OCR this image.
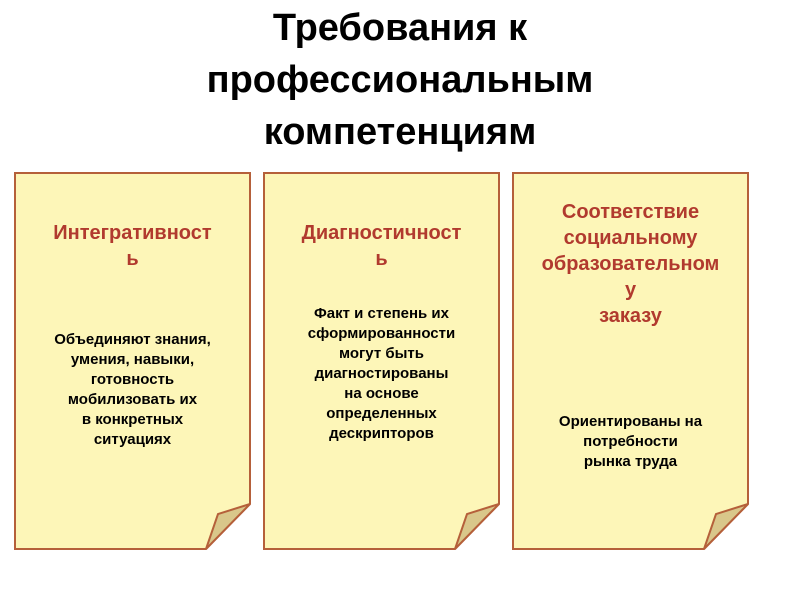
Требования к
профессиональным
компетенциям
Интегративност
ь
Объединяют знания,
умения, навыки,
готовность
мобилизовать их
в конкретных
ситуациях
Диагностичност
ь
Факт и степень их
сформированности
могут быть
диагностированы
на основе
определенных
дескрипторов
Соответствие
социальному
образовательном
у
заказу
Ориентированы на
потребности
рынка труда
